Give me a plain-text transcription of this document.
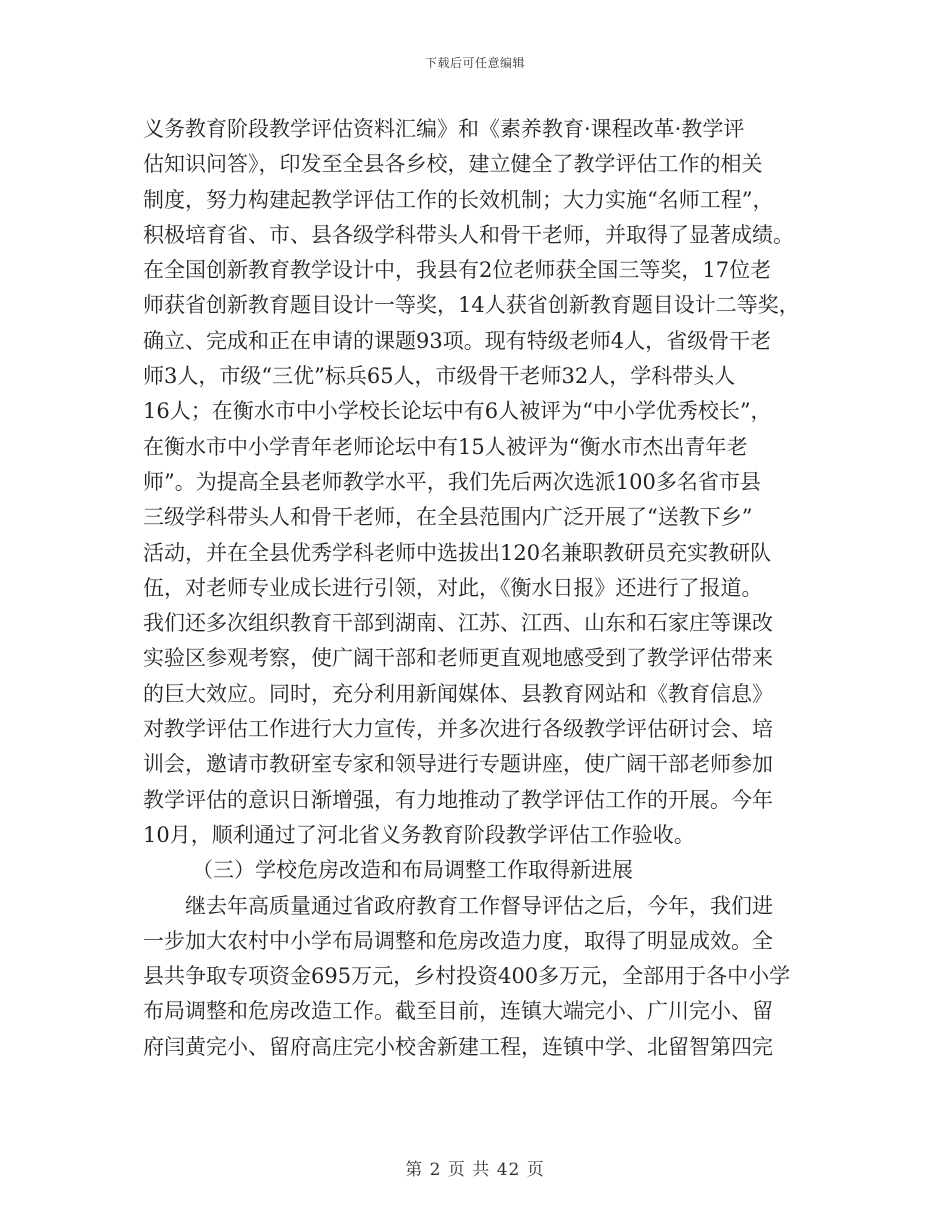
下载后可任意编辑
义务教育阶段教学评估资料汇编》和《素养教育·课程改革·教学评
估知识问答》，印发至全县各乡校，建立健全了教学评估工作的相关
制度，努力构建起教学评估工作的长效机制；大力实施“名师工程”，
积极培育省、市、县各级学科带头人和骨干老师，并取得了显著成绩。
在全国创新教育教学设计中，我县有2位老师获全国三等奖，17位老
师获省创新教育题目设计一等奖，14人获省创新教育题目设计二等奖，
确立、完成和正在申请的课题93项。现有特级老师4人，省级骨干老
师3人，市级“三优”标兵65人，市级骨干老师32人，学科带头人
16人；在衡水市中小学校长论坛中有6人被评为“中小学优秀校长”，
在衡水市中小学青年老师论坛中有15人被评为“衡水市杰出青年老
师”。为提高全县老师教学水平，我们先后两次选派100多名省市县
三级学科带头人和骨干老师，在全县范围内广泛开展了“送教下乡”
活动，并在全县优秀学科老师中选拔出120名兼职教研员充实教研队
伍，对老师专业成长进行引领，对此，《衡水日报》还进行了报道。
我们还多次组织教育干部到湖南、江苏、江西、山东和石家庄等课改
实验区参观考察，使广阔干部和老师更直观地感受到了教学评估带来
的巨大效应。同时，充分利用新闻媒体、县教育网站和《教育信息》
对教学评估工作进行大力宣传，并多次进行各级教学评估研讨会、培
训会，邀请市教研室专家和领导进行专题讲座，使广阔干部老师参加
教学评估的意识日渐增强，有力地推动了教学评估工作的开展。今年
10月，顺利通过了河北省义务教育阶段教学评估工作验收。
（三）学校危房改造和布局调整工作取得新进展
继去年高质量通过省政府教育工作督导评估之后，今年，我们进
一步加大农村中小学布局调整和危房改造力度，取得了明显成效。全
县共争取专项资金695万元，乡村投资400多万元，全部用于各中小学
布局调整和危房改造工作。截至目前，连镇大端完小、广川完小、留
府闫黄完小、留府高庄完小校舍新建工程，连镇中学、北留智第四完
第 2 页 共 42 页
